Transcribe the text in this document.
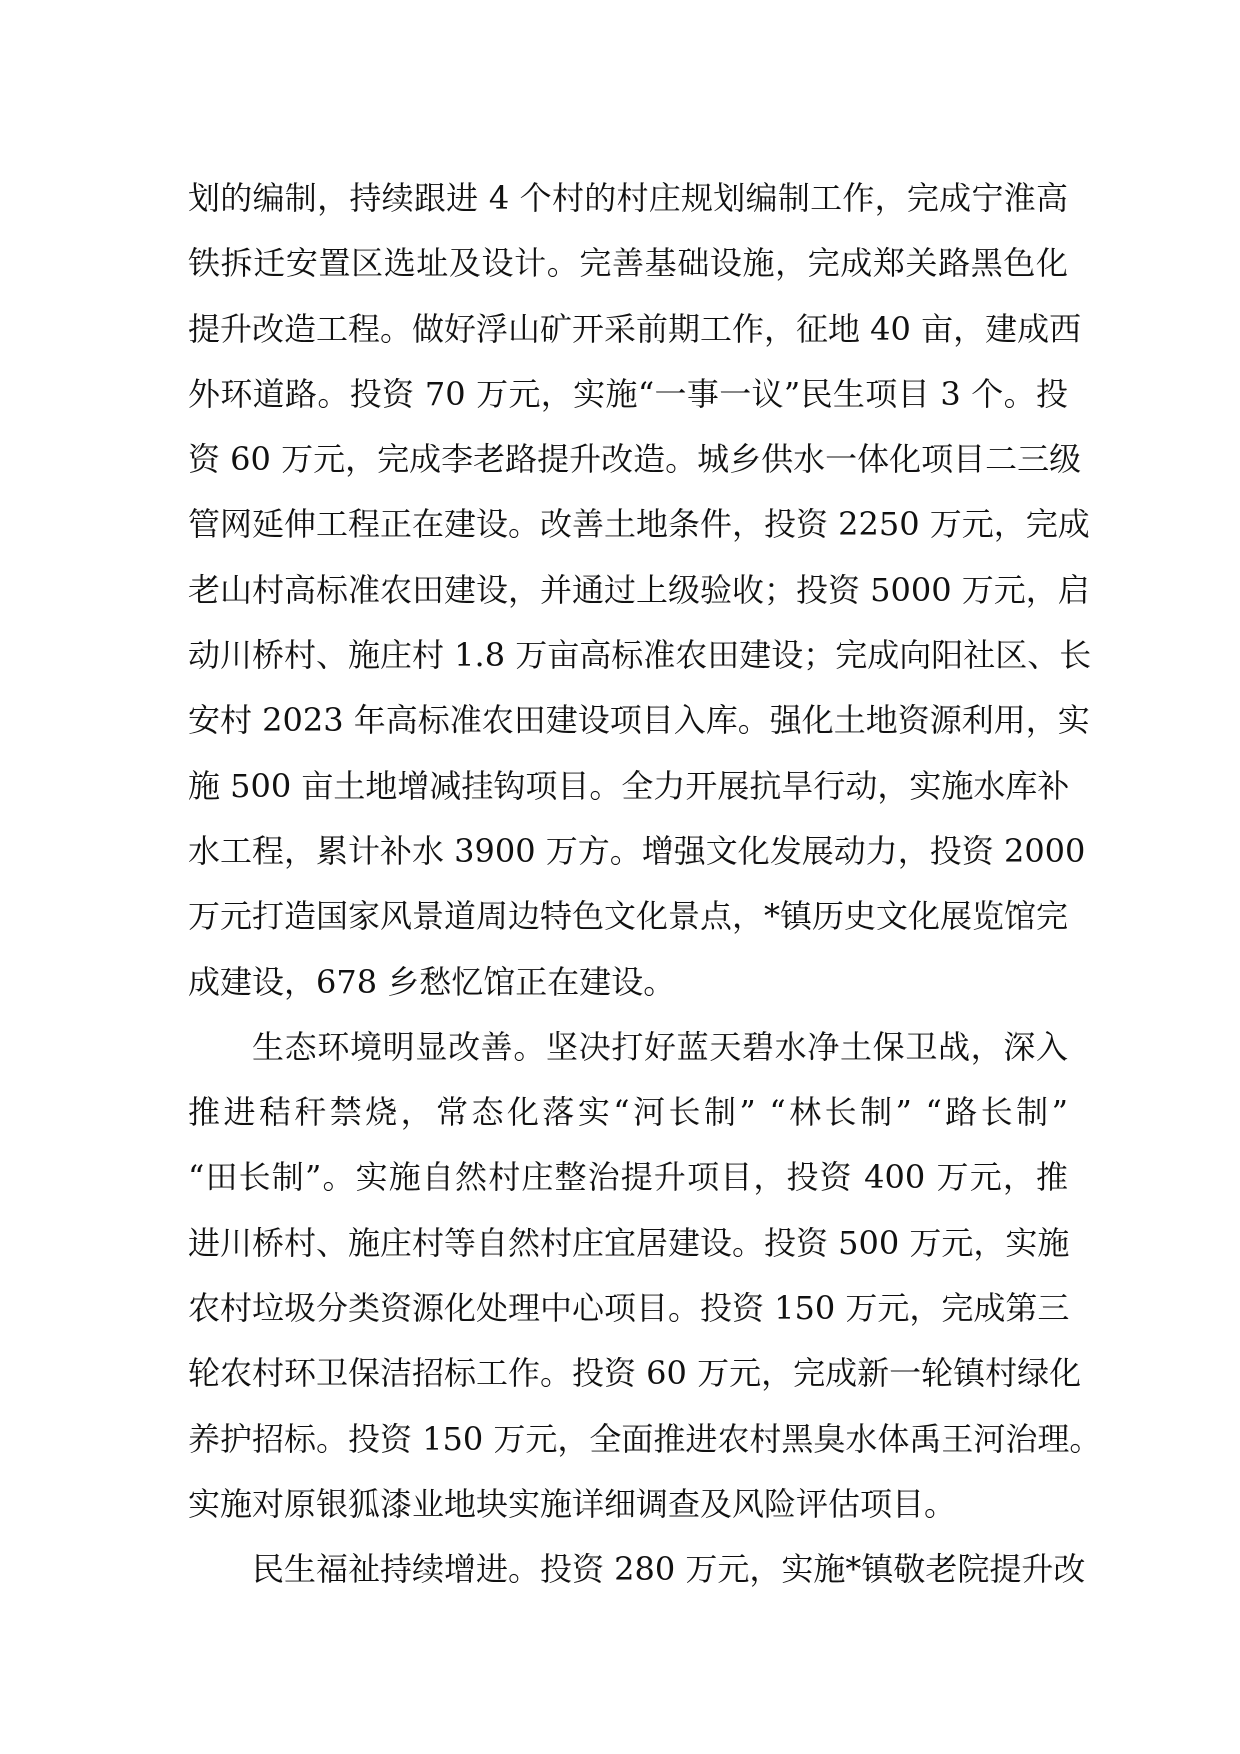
划的编制，持续跟进 4 个村的村庄规划编制工作，完成宁淮高
铁拆迁安置区选址及设计。完善基础设施，完成郑关路黑色化
提升改造工程。做好浮山矿开采前期工作，征地 40 亩，建成西
外环道路。投资 70 万元，实施“一事一议”民生项目 3 个。投
资 60 万元，完成李老路提升改造。城乡供水一体化项目二三级
管网延伸工程正在建设。改善土地条件，投资 2250 万元，完成
老山村高标准农田建设，并通过上级验收；投资 5000 万元，启
动川桥村、施庄村 1.8 万亩高标准农田建设；完成向阳社区、长
安村 2023 年高标准农田建设项目入库。强化土地资源利用，实
施 500 亩土地增减挂钩项目。全力开展抗旱行动，实施水库补
水工程，累计补水 3900 万方。增强文化发展动力，投资 2000
万元打造国家风景道周边特色文化景点，*镇历史文化展览馆完
成建设，678 乡愁忆馆正在建设。
生态环境明显改善。坚决打好蓝天碧水净土保卫战，深入
推进秸秆禁烧，常态化落实“河长制” “林长制” “路长制”
“田长制”。实施自然村庄整治提升项目，投资 400 万元，推
进川桥村、施庄村等自然村庄宜居建设。投资 500 万元，实施
农村垃圾分类资源化处理中心项目。投资 150 万元，完成第三
轮农村环卫保洁招标工作。投资 60 万元，完成新一轮镇村绿化
养护招标。投资 150 万元，全面推进农村黑臭水体禹王河治理。
实施对原银狐漆业地块实施详细调查及风险评估项目。
民生福祉持续增进。投资 280 万元，实施*镇敬老院提升改
